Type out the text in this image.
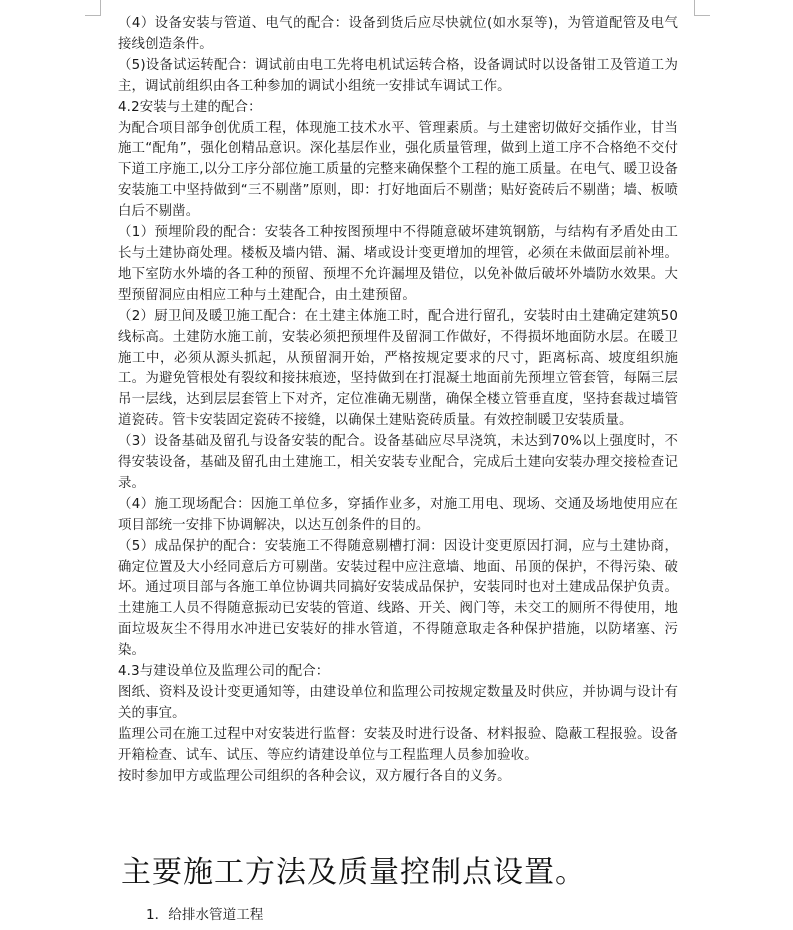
（4）设备安装与管道、电气的配合：设备到货后应尽快就位(如水泵等)，为管道配管及电气接线创造条件。

（5)设备试运转配合：调试前由电工先将电机试运转合格，设备调试时以设备钳工及管道工为主，调试前组织由各工种参加的调试小组统一安排试车调试工作。

4.2安装与土建的配合：

为配合项目部争创优质工程，体现施工技术水平、管理素质。与土建密切做好交插作业，甘当施工“配角”，强化创精品意识。深化基层作业，强化质量管理，做到上道工序不合格绝不交付下道工序施工,以分工序分部位施工质量的完整来确保整个工程的施工质量。在电气、暖卫设备安装施工中坚持做到“三不剔凿”原则，即：打好地面后不剔凿；贴好瓷砖后不剔凿；墙、板喷白后不剔凿。

（1）预埋阶段的配合：安装各工种按图预埋中不得随意破坏建筑钢筋，与结构有矛盾处由工长与土建协商处理。楼板及墙内错、漏、堵或设计变更增加的埋管，必须在未做面层前补埋。地下室防水外墙的各工种的预留、预埋不允许漏埋及错位，以免补做后破坏外墙防水效果。大型预留洞应由相应工种与土建配合，由土建预留。

（2）厨卫间及暖卫施工配合：在土建主体施工时，配合进行留孔，安装时由土建确定建筑50线标高。土建防水施工前，安装必须把预埋件及留洞工作做好，不得损坏地面防水层。在暖卫施工中，必须从源头抓起，从预留洞开始，严格按规定要求的尺寸，距离标高、坡度组织施工。为避免管根处有裂纹和接抹痕迹，坚持做到在打混凝土地面前先预埋立管套管，每隔三层吊一层线，达到层层套管上下对齐，定位准确无剔凿，确保全楼立管垂直度，坚持套裁过墙管道瓷砖。管卡安装固定瓷砖不接缝，以确保土建贴瓷砖质量。有效控制暖卫安装质量。

（3）设备基础及留孔与设备安装的配合。设备基础应尽早浇筑，未达到70%以上强度时，不得安装设备，基础及留孔由土建施工，相关安装专业配合，完成后土建向安装办理交接检查记录。

（4）施工现场配合：因施工单位多，穿插作业多，对施工用电、现场、交通及场地使用应在项目部统一安排下协调解决，以达互创条件的目的。

（5）成品保护的配合：安装施工不得随意剔槽打洞：因设计变更原因打洞，应与土建协商，确定位置及大小经同意后方可剔凿。安装过程中应注意墙、地面、吊顶的保护，不得污染、破坏。通过项目部与各施工单位协调共同搞好安装成品保护，安装同时也对土建成品保护负责。土建施工人员不得随意振动已安装的管道、线路、开关、阀门等，未交工的厕所不得使用，地面垃圾灰尘不得用水冲进已安装好的排水管道，不得随意取走各种保护措施，以防堵塞、污染。

4.3与建设单位及监理公司的配合：

图纸、资料及设计变更通知等，由建设单位和监理公司按规定数量及时供应，并协调与设计有关的事宜。

监理公司在施工过程中对安装进行监督：安装及时进行设备、材料报验、隐蔽工程报验。设备开箱检查、试车、试压、等应约请建设单位与工程监理人员参加验收。

按时参加甲方或监理公司组织的各种会议，双方履行各自的义务。

主要施工方法及质量控制点设置。

1．给排水管道工程
